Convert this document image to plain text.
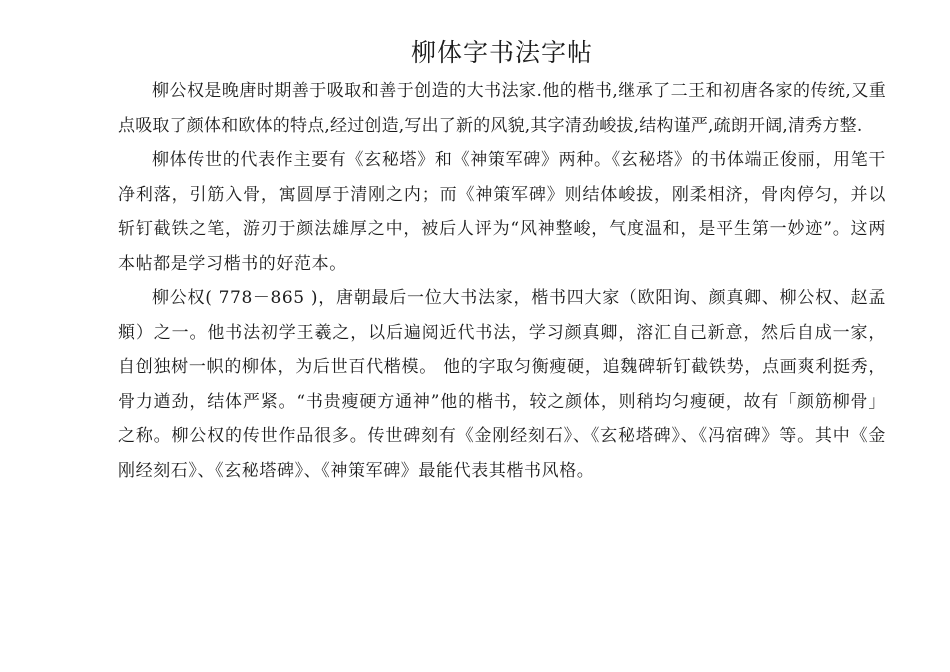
柳体字书法字帖

柳公权是晚唐时期善于吸取和善于创造的大书法家.他的楷书,继承了二王和初唐各家的传统,又重点吸取了颜体和欧体的特点,经过创造,写出了新的风貌,其字清劲峻拔,结构谨严,疏朗开阔,清秀方整.

柳体传世的代表作主要有《玄秘塔》和《神策军碑》两种。《玄秘塔》的书体端正俊丽，用笔干净利落，引筋入骨，寓圆厚于清刚之内；而《神策军碑》则结体峻拔，刚柔相济，骨肉停匀，并以斩钉截铁之笔，游刃于颜法雄厚之中，被后人评为“风神整峻，气度温和，是平生第一妙迹”。这两本帖都是学习楷书的好范本。

柳公权( 778－865 )，唐朝最后一位大书法家，楷书四大家（欧阳询、颜真卿、柳公权、赵孟頫）之一。他书法初学王羲之，以后遍阅近代书法，学习颜真卿，溶汇自己新意，然后自成一家，自创独树一帜的柳体，为后世百代楷模。 他的字取匀衡瘦硬，追魏碑斩钉截铁势，点画爽利挺秀，骨力遒劲，结体严紧。“书贵瘦硬方通神”他的楷书，较之颜体，则稍均匀瘦硬，故有「颜筋柳骨」之称。柳公权的传世作品很多。传世碑刻有《金刚经刻石》、《玄秘塔碑》、《冯宿碑》等。其中《金刚经刻石》、《玄秘塔碑》、《神策军碑》最能代表其楷书风格。
